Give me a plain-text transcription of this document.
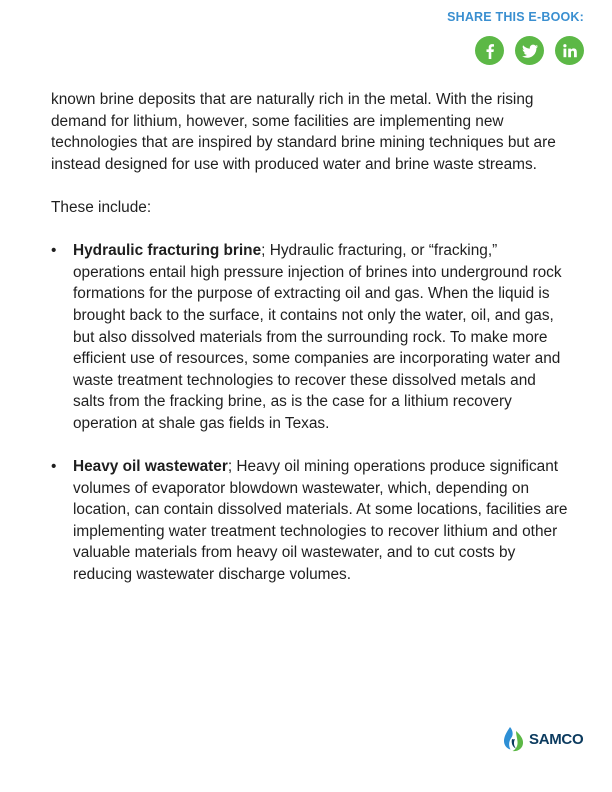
SHARE THIS E-BOOK:

known brine deposits that are naturally rich in the metal. With the rising demand for lithium, however, some facilities are implementing new technologies that are inspired by standard brine mining techniques but are instead designed for use with produced water and brine waste streams.

These include:

• Hydraulic fracturing brine; Hydraulic fracturing, or “fracking,” operations entail high pressure injection of brines into underground rock formations for the purpose of extracting oil and gas. When the liquid is brought back to the surface, it contains not only the water, oil, and gas, but also dissolved materials from the surrounding rock. To make more efficient use of resources, some companies are incorporating water and waste treatment technologies to recover these dissolved metals and salts from the fracking brine, as is the case for a lithium recovery operation at shale gas fields in Texas.
• Heavy oil wastewater; Heavy oil mining operations produce significant volumes of evaporator blowdown wastewater, which, depending on location, can contain dissolved materials. At some locations, facilities are implementing water treatment technologies to recover lithium and other valuable materials from heavy oil wastewater, and to cut costs by reducing wastewater discharge volumes.
SAMCO
